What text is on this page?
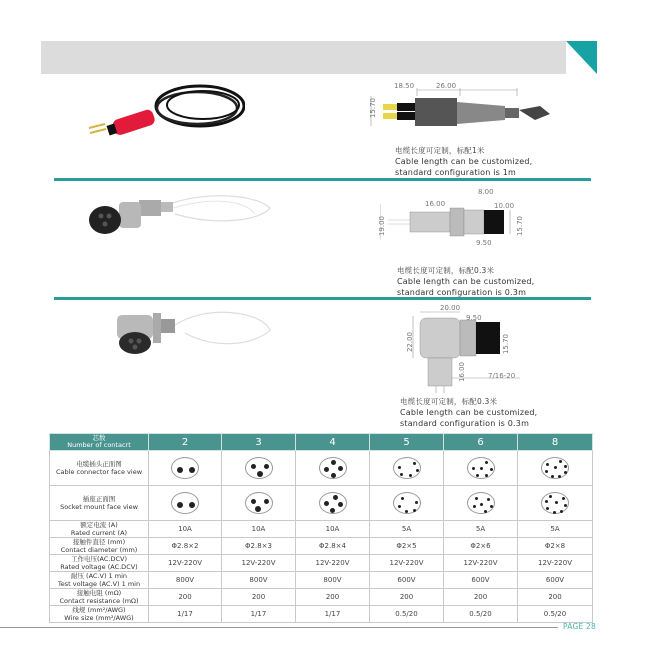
18.50	26.00
15.70
电缆长度可定制，标配1米
Cable length can be customized,
standard configuration is 1m
8.00
16.00	10.00
19.00	15.70
9.50
电缆长度可定制，标配0.3米
Cable length can be customized,
standard configuration is 0.3m
20.00
9.50
22.00	15.70
16.00	7/16-20
电缆长度可定制，标配0.3米
Cable length can be customized,
standard configuration is 0.3m
芯数
Number of contacrt	2	3	4	5	6	8

电缆插头正面图
Cable connector face view						

插座正面图
Socket mount face view						

额定电流 (A)
Rated current (A)	10A	10A	10A	5A	5A	5A

接触件直径 (mm)
Contact diameter (mm)	Φ2.8×2	Φ2.8×3	Φ2.8×4	Φ2×5	Φ2×6	Φ2×8

工作电压(AC.DCV)
Rated voltage (AC.DCV)	12V-220V	12V-220V	12V-220V	12V-220V	12V-220V	12V-220V

耐压 (AC.V) 1 min
Test voltage (AC.V) 1 min	800V	800V	800V	600V	600V	600V

接触电阻 (mΩ)
Contact resistance (mΩ)	200	200	200	200	200	200

线规 (mm²/AWG)
Wire size (mm²/AWG)	1/17	1/17	1/17	0.5/20	0.5/20	0.5/20
PAGE 28
